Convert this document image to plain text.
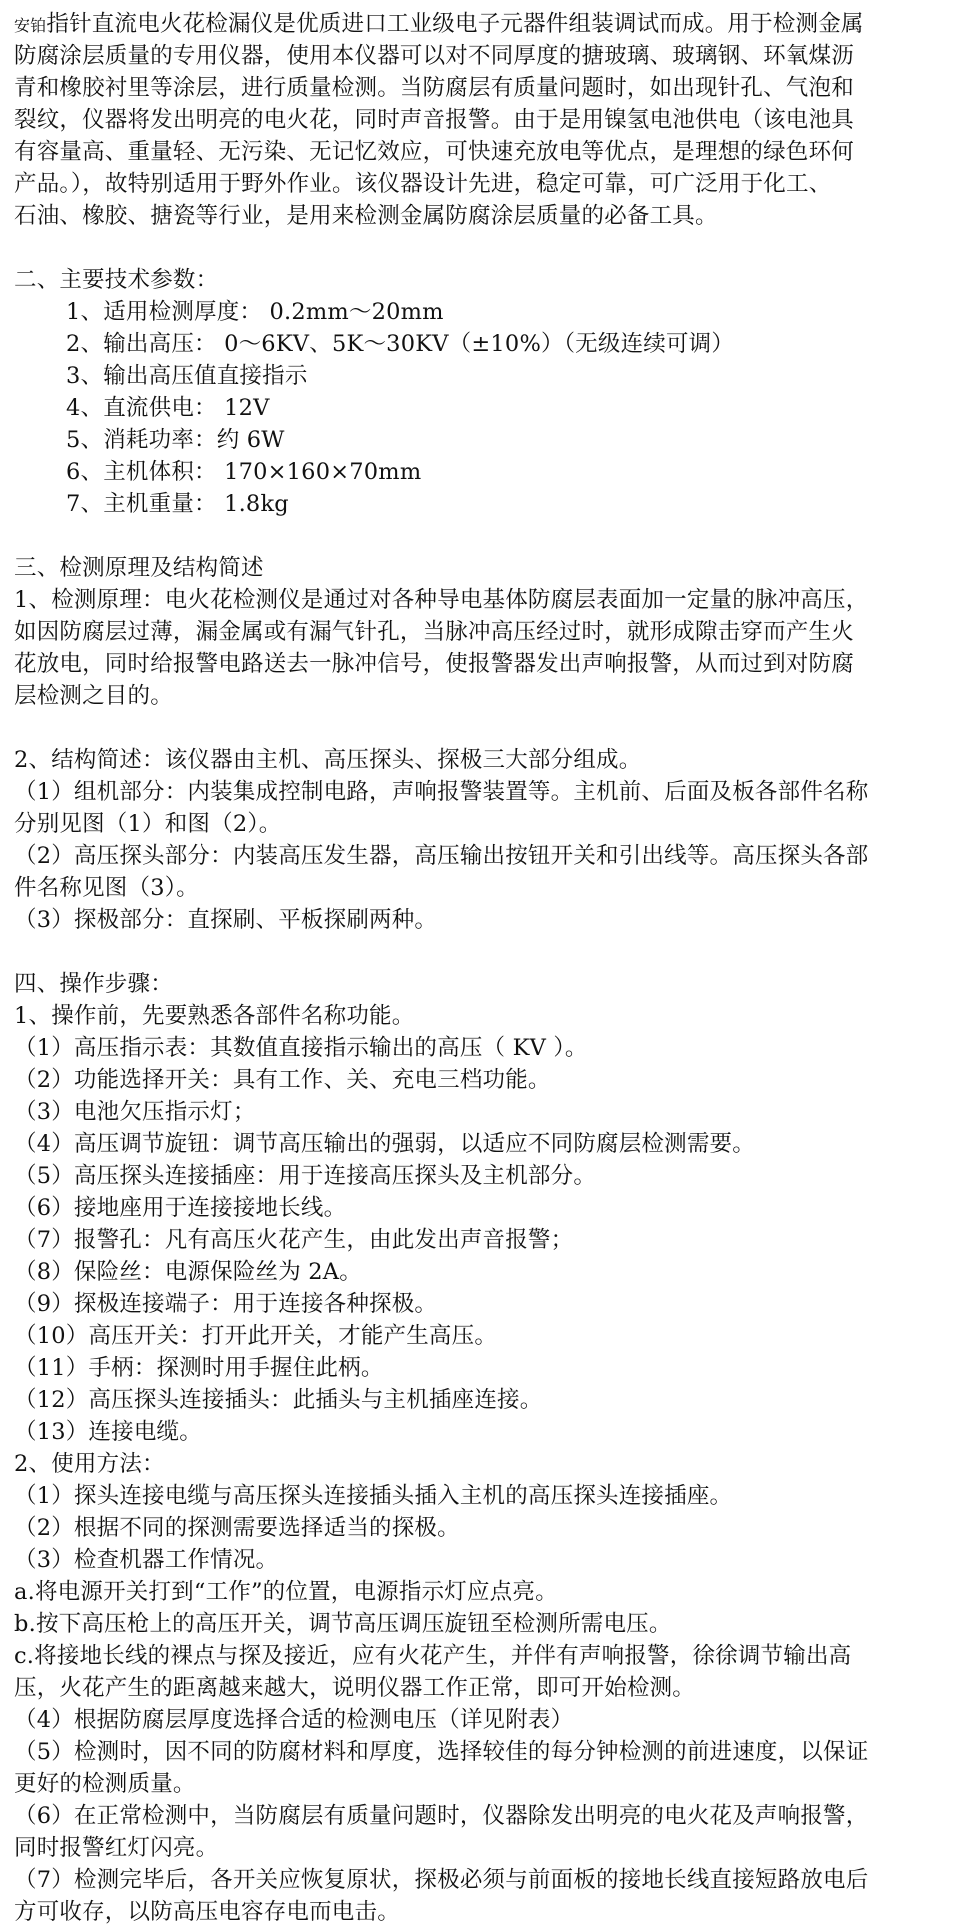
安铂指针直流电火花检漏仪是优质进口工业级电子元器件组装调试而成。用于检测金属
防腐涂层质量的专用仪器，使用本仪器可以对不同厚度的搪玻璃、玻璃钢、环氧煤沥
青和橡胶衬里等涂层，进行质量检测。当防腐层有质量问题时，如出现针孔、气泡和
裂纹，仪器将发出明亮的电火花，同时声音报警。由于是用镍氢电池供电（该电池具
有容量高、重量轻、无污染、无记忆效应，可快速充放电等优点，是理想的绿色环何
产品。），故特别适用于野外作业。该仪器设计先进，稳定可靠，可广泛用于化工、
石油、橡胶、搪瓷等行业，是用来检测金属防腐涂层质量的必备工具。
二、主要技术参数：
1、适用检测厚度： 0.2mm～20mm
2、输出高压： 0～6KV、5K～30KV（±10%）（无级连续可调）
3、输出高压值直接指示
4、直流供电： 12V
5、消耗功率：约 6W
6、主机体积： 170×160×70mm
7、主机重量： 1.8kg
三、检测原理及结构简述
1、检测原理：电火花检测仪是通过对各种导电基体防腐层表面加一定量的脉冲高压，
如因防腐层过薄，漏金属或有漏气针孔，当脉冲高压经过时，就形成隙击穿而产生火
花放电，同时给报警电路送去一脉冲信号，使报警器发出声响报警，从而过到对防腐
层检测之目的。
2、结构简述：该仪器由主机、高压探头、探极三大部分组成。
（1）组机部分：内装集成控制电路，声响报警装置等。主机前、后面及板各部件名称
分别见图（1）和图（2）。
（2）高压探头部分：内装高压发生器，高压输出按钮开关和引出线等。高压探头各部
件名称见图（3）。
（3）探极部分：直探刷、平板探刷两种。
四、操作步骤：
1、操作前，先要熟悉各部件名称功能。
（1）高压指示表：其数值直接指示输出的高压（ KV ）。
（2）功能选择开关：具有工作、关、充电三档功能。
（3）电池欠压指示灯；
（4）高压调节旋钮：调节高压输出的强弱，以适应不同防腐层检测需要。
（5）高压探头连接插座：用于连接高压探头及主机部分。
（6）接地座用于连接接地长线。
（7）报警孔：凡有高压火花产生，由此发出声音报警；
（8）保险丝：电源保险丝为 2A。
（9）探极连接端子：用于连接各种探极。
（10）高压开关：打开此开关，才能产生高压。
（11）手柄：探测时用手握住此柄。
（12）高压探头连接插头：此插头与主机插座连接。
（13）连接电缆。
2、使用方法：
（1）探头连接电缆与高压探头连接插头插入主机的高压探头连接插座。
（2）根据不同的探测需要选择适当的探极。
（3）检查机器工作情况。
a.将电源开关打到“工作”的位置，电源指示灯应点亮。
b.按下高压枪上的高压开关，调节高压调压旋钮至检测所需电压。
c.将接地长线的裸点与探及接近，应有火花产生，并伴有声响报警，徐徐调节输出高
压，火花产生的距离越来越大，说明仪器工作正常，即可开始检测。
（4）根据防腐层厚度选择合适的检测电压（详见附表）
（5）检测时，因不同的防腐材料和厚度，选择较佳的每分钟检测的前进速度，以保证
更好的检测质量。
（6）在正常检测中，当防腐层有质量问题时，仪器除发出明亮的电火花及声响报警，
同时报警红灯闪亮。
（7）检测完毕后，各开关应恢复原状，探极必须与前面板的接地长线直接短路放电后
方可收存，以防高压电容存电而电击。
